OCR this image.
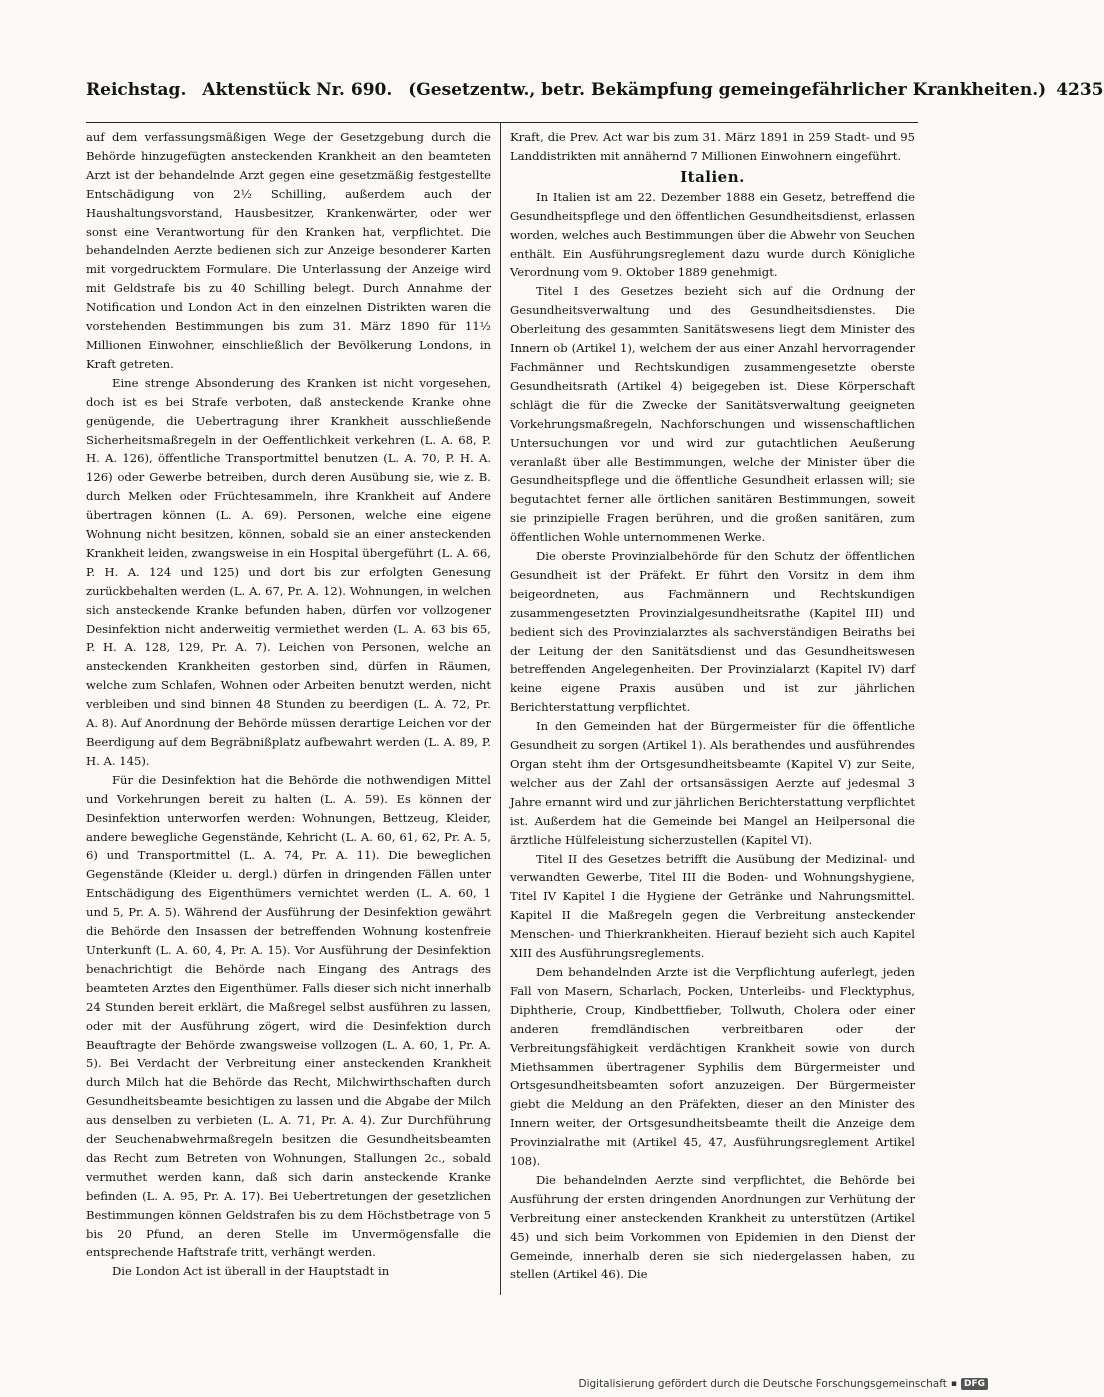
Reichstag. Aktenstück Nr. 690. (Gesetzentw., betr. Bekämpfung gemeingefährlicher Krankheiten.) 4235

auf dem verfassungsmäßigen Wege der Gesetzgebung durch die Behörde hinzugefügten ansteckenden Krankheit an den beamteten Arzt ist der behandelnde Arzt gegen eine gesetzmäßig festgestellte Entschädigung von 2½ Schilling, außerdem auch der Haushaltungsvorstand, Hausbesitzer, Krankenwärter, oder wer sonst eine Verantwortung für den Kranken hat, verpflichtet. Die behandelnden Aerzte bedienen sich zur Anzeige besonderer Karten mit vorgedrucktem Formulare. Die Unterlassung der Anzeige wird mit Geldstrafe bis zu 40 Schilling belegt. Durch Annahme der Notification und London Act in den einzelnen Distrikten waren die vorstehenden Bestimmungen bis zum 31. März 1890 für 11½ Millionen Einwohner, einschließlich der Bevölkerung Londons, in Kraft getreten.

Eine strenge Absonderung des Kranken ist nicht vorgesehen, doch ist es bei Strafe verboten, daß ansteckende Kranke ohne genügende, die Uebertragung ihrer Krankheit ausschließende Sicherheitsmaßregeln in der Oeffentlichkeit verkehren (L. A. 68, P. H. A. 126), öffentliche Transportmittel benutzen (L. A. 70, P. H. A. 126) oder Gewerbe betreiben, durch deren Ausübung sie, wie z. B. durch Melken oder Früchtesammeln, ihre Krankheit auf Andere übertragen können (L. A. 69). Personen, welche eine eigene Wohnung nicht besitzen, können, sobald sie an einer ansteckenden Krankheit leiden, zwangsweise in ein Hospital übergeführt (L. A. 66, P. H. A. 124 und 125) und dort bis zur erfolgten Genesung zurückbehalten werden (L. A. 67, Pr. A. 12). Wohnungen, in welchen sich ansteckende Kranke befunden haben, dürfen vor vollzogener Desinfektion nicht anderweitig vermiethet werden (L. A. 63 bis 65, P. H. A. 128, 129, Pr. A. 7). Leichen von Personen, welche an ansteckenden Krankheiten gestorben sind, dürfen in Räumen, welche zum Schlafen, Wohnen oder Arbeiten benutzt werden, nicht verbleiben und sind binnen 48 Stunden zu beerdigen (L. A. 72, Pr. A. 8). Auf Anordnung der Behörde müssen derartige Leichen vor der Beerdigung auf dem Begräbnißplatz aufbewahrt werden (L. A. 89, P. H. A. 145).

Für die Desinfektion hat die Behörde die nothwendigen Mittel und Vorkehrungen bereit zu halten (L. A. 59). Es können der Desinfektion unterworfen werden: Wohnungen, Bettzeug, Kleider, andere bewegliche Gegenstände, Kehricht (L. A. 60, 61, 62, Pr. A. 5, 6) und Transportmittel (L. A. 74, Pr. A. 11). Die beweglichen Gegenstände (Kleider u. dergl.) dürfen in dringenden Fällen unter Entschädigung des Eigenthümers vernichtet werden (L. A. 60, 1 und 5, Pr. A. 5). Während der Ausführung der Desinfektion gewährt die Behörde den Insassen der betreffenden Wohnung kostenfreie Unterkunft (L. A. 60, 4, Pr. A. 15). Vor Ausführung der Desinfektion benachrichtigt die Behörde nach Eingang des Antrags des beamteten Arztes den Eigenthümer. Falls dieser sich nicht innerhalb 24 Stunden bereit erklärt, die Maßregel selbst ausführen zu lassen, oder mit der Ausführung zögert, wird die Desinfektion durch Beauftragte der Behörde zwangsweise vollzogen (L. A. 60, 1, Pr. A. 5). Bei Verdacht der Verbreitung einer ansteckenden Krankheit durch Milch hat die Behörde das Recht, Milchwirthschaften durch Gesundheitsbeamte besichtigen zu lassen und die Abgabe der Milch aus denselben zu verbieten (L. A. 71, Pr. A. 4). Zur Durchführung der Seuchenabwehrmaßregeln besitzen die Gesundheitsbeamten das Recht zum Betreten von Wohnungen, Stallungen 2c., sobald vermuthet werden kann, daß sich darin ansteckende Kranke befinden (L. A. 95, Pr. A. 17). Bei Uebertretungen der gesetzlichen Bestimmungen können Geldstrafen bis zu dem Höchstbetrage von 5 bis 20 Pfund, an deren Stelle im Unvermögensfalle die entsprechende Haftstrafe tritt, verhängt werden.

Die London Act ist überall in der Hauptstadt in

Kraft, die Prev. Act war bis zum 31. März 1891 in 259 Stadt- und 95 Landdistrikten mit annähernd 7 Millionen Einwohnern eingeführt.

Italien.

In Italien ist am 22. Dezember 1888 ein Gesetz, betreffend die Gesundheitspflege und den öffentlichen Gesundheitsdienst, erlassen worden, welches auch Bestimmungen über die Abwehr von Seuchen enthält. Ein Ausführungsreglement dazu wurde durch Königliche Verordnung vom 9. Oktober 1889 genehmigt.

Titel I des Gesetzes bezieht sich auf die Ordnung der Gesundheitsverwaltung und des Gesundheitsdienstes. Die Oberleitung des gesammten Sanitätswesens liegt dem Minister des Innern ob (Artikel 1), welchem der aus einer Anzahl hervorragender Fachmänner und Rechtskundigen zusammengesetzte oberste Gesundheitsrath (Artikel 4) beigegeben ist. Diese Körperschaft schlägt die für die Zwecke der Sanitätsverwaltung geeigneten Vorkehrungsmaßregeln, Nachforschungen und wissenschaftlichen Untersuchungen vor und wird zur gutachtlichen Aeußerung veranlaßt über alle Bestimmungen, welche der Minister über die Gesundheitspflege und die öffentliche Gesundheit erlassen will; sie begutachtet ferner alle örtlichen sanitären Bestimmungen, soweit sie prinzipielle Fragen berühren, und die großen sanitären, zum öffentlichen Wohle unternommenen Werke.

Die oberste Provinzialbehörde für den Schutz der öffentlichen Gesundheit ist der Präfekt. Er führt den Vorsitz in dem ihm beigeordneten, aus Fachmännern und Rechtskundigen zusammengesetzten Provinzialgesundheitsrathe (Kapitel III) und bedient sich des Provinzialarztes als sachverständigen Beiraths bei der Leitung der den Sanitätsdienst und das Gesundheitswesen betreffenden Angelegenheiten. Der Provinzialarzt (Kapitel IV) darf keine eigene Praxis ausüben und ist zur jährlichen Berichterstattung verpflichtet.

In den Gemeinden hat der Bürgermeister für die öffentliche Gesundheit zu sorgen (Artikel 1). Als berathendes und ausführendes Organ steht ihm der Ortsgesundheitsbeamte (Kapitel V) zur Seite, welcher aus der Zahl der ortsansässigen Aerzte auf jedesmal 3 Jahre ernannt wird und zur jährlichen Berichterstattung verpflichtet ist. Außerdem hat die Gemeinde bei Mangel an Heilpersonal die ärztliche Hülfeleistung sicherzustellen (Kapitel VI).

Titel II des Gesetzes betrifft die Ausübung der Medizinal- und verwandten Gewerbe, Titel III die Boden- und Wohnungshygiene, Titel IV Kapitel I die Hygiene der Getränke und Nahrungsmittel. Kapitel II die Maßregeln gegen die Verbreitung ansteckender Menschen- und Thierkrankheiten. Hierauf bezieht sich auch Kapitel XIII des Ausführungsreglements.

Dem behandelnden Arzte ist die Verpflichtung auferlegt, jeden Fall von Masern, Scharlach, Pocken, Unterleibs- und Flecktyphus, Diphtherie, Croup, Kindbettfieber, Tollwuth, Cholera oder einer anderen fremdländischen verbreitbaren oder der Verbreitungsfähigkeit verdächtigen Krankheit sowie von durch Miethsammen übertragener Syphilis dem Bürgermeister und Ortsgesundheitsbeamten sofort anzuzeigen. Der Bürgermeister giebt die Meldung an den Präfekten, dieser an den Minister des Innern weiter, der Ortsgesundheitsbeamte theilt die Anzeige dem Provinzialrathe mit (Artikel 45, 47, Ausführungsreglement Artikel 108).

Die behandelnden Aerzte sind verpflichtet, die Behörde bei Ausführung der ersten dringenden Anordnungen zur Verhütung der Verbreitung einer ansteckenden Krankheit zu unterstützen (Artikel 45) und sich beim Vorkommen von Epidemien in den Dienst der Gemeinde, innerhalb deren sie sich niedergelassen haben, zu stellen (Artikel 46). Die

Digitalisierung gefördert durch die Deutsche Forschungsgemeinschaft ▪ DFG
